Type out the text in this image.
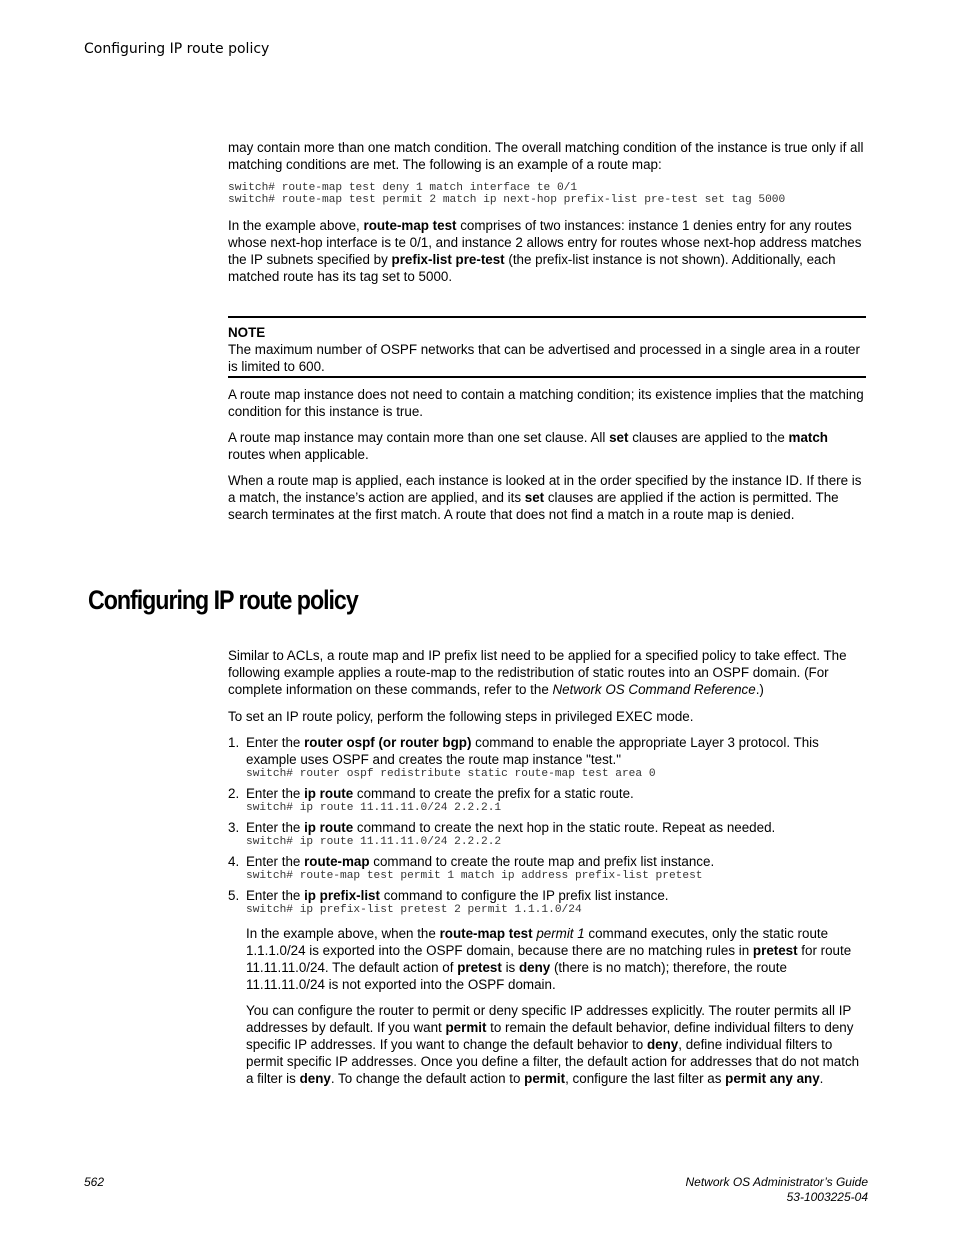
Configuring IP route policy

may contain more than one match condition. The overall matching condition of the instance is true only if all matching conditions are met. The following is an example of a route map:

switch# route-map test deny 1 match interface te 0/1
switch# route-map test permit 2 match ip next-hop prefix-list pre-test set tag 5000

In the example above, route-map test comprises of two instances: instance 1 denies entry for any routes whose next-hop interface is te 0/1, and instance 2 allows entry for routes whose next-hop address matches the IP subnets specified by prefix-list pre-test (the prefix-list instance is not shown). Additionally, each matched route has its tag set to 5000.

NOTE
The maximum number of OSPF networks that can be advertised and processed in a single area in a router is limited to 600.

A route map instance does not need to contain a matching condition; its existence implies that the matching condition for this instance is true.

A route map instance may contain more than one set clause. All set clauses are applied to the match routes when applicable.

When a route map is applied, each instance is looked at in the order specified by the instance ID. If there is a match, the instance’s action are applied, and its set clauses are applied if the action is permitted. The search terminates at the first match. A route that does not find a match in a route map is denied.

Configuring IP route policy

Similar to ACLs, a route map and IP prefix list need to be applied for a specified policy to take effect. The following example applies a route-map to the redistribution of static routes into an OSPF domain. (For complete information on these commands, refer to the Network OS Command Reference.)

To set an IP route policy, perform the following steps in privileged EXEC mode.

1. Enter the router ospf (or router bgp) command to enable the appropriate Layer 3 protocol. This example uses OSPF and creates the route map instance "test."

switch# router ospf redistribute static route-map test area 0
2. Enter the ip route command to create the prefix for a static route.

switch# ip route 11.11.11.0/24 2.2.2.1
3. Enter the ip route command to create the next hop in the static route. Repeat as needed.

switch# ip route 11.11.11.0/24 2.2.2.2
4. Enter the route-map command to create the route map and prefix list instance.

switch# route-map test permit 1 match ip address prefix-list pretest
5. Enter the ip prefix-list command to configure the IP prefix list instance.

switch# ip prefix-list pretest 2 permit 1.1.1.0/24

In the example above, when the route-map test permit 1 command executes, only the static route 1.1.1.0/24 is exported into the OSPF domain, because there are no matching rules in pretest for route 11.11.11.0/24. The default action of pretest is deny (there is no match); therefore, the route 11.11.11.0/24 is not exported into the OSPF domain.

You can configure the router to permit or deny specific IP addresses explicitly. The router permits all IP addresses by default. If you want permit to remain the default behavior, define individual filters to deny specific IP addresses. If you want to change the default behavior to deny, define individual filters to permit specific IP addresses. Once you define a filter, the default action for addresses that do not match a filter is deny. To change the default action to permit, configure the last filter as permit any any.

562	Network OS Administrator’s Guide
53-1003225-04
